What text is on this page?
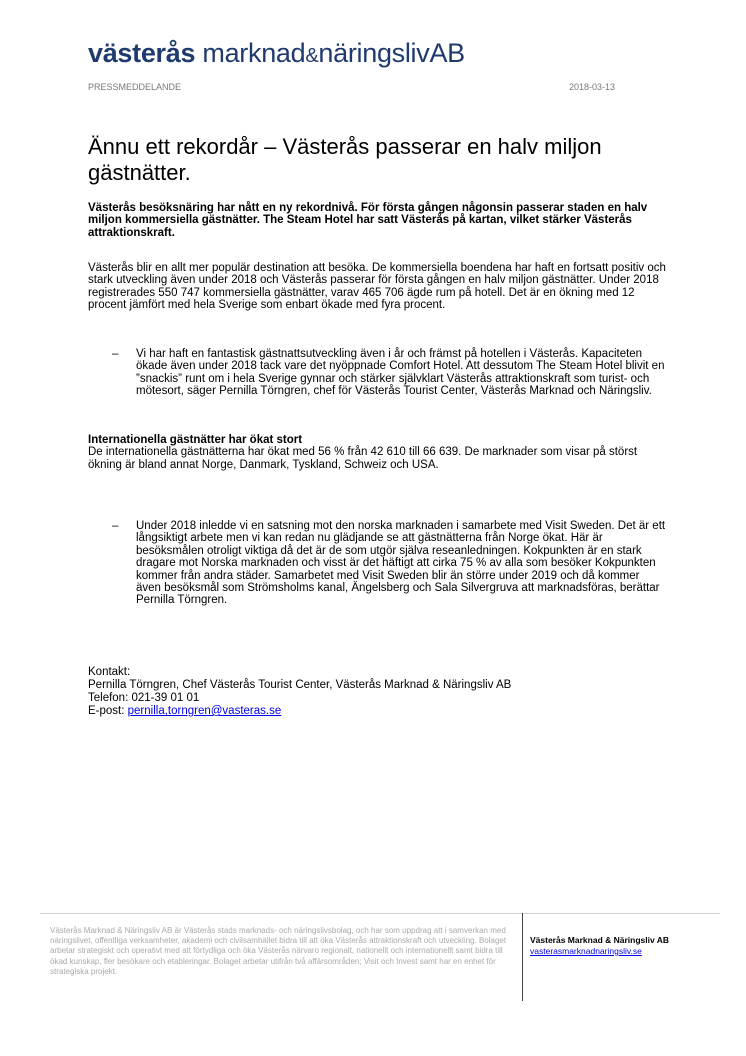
västerås marknad&näringslivAB
PRESSMEDDELANDE	2018-03-13
Ännu ett rekordår – Västerås passerar en halv miljon gästnätter.

Västerås besöksnäring har nått en ny rekordnivå. För första gången någonsin passerar staden en halv miljon kommersiella gästnätter. The Steam Hotel har satt Västerås på kartan, vilket stärker Västerås attraktionskraft.

Västerås blir en allt mer populär destination att besöka. De kommersiella boendena har haft en fortsatt positiv och stark utveckling även under 2018 och Västerås passerar för första gången en halv miljon gästnätter. Under 2018 registrerades 550 747 kommersiella gästnätter, varav 465 706 ägde rum på hotell. Det är en ökning med 12 procent jämfört med hela Sverige som enbart ökade med fyra procent.

– Vi har haft en fantastisk gästnattsutveckling även i år och främst på hotellen i Västerås. Kapaciteten ökade även under 2018 tack vare det nyöppnade Comfort Hotel. Att dessutom The Steam Hotel blivit en ”snackis” runt om i hela Sverige gynnar och stärker självklart Västerås attraktionskraft som turist- och mötesort, säger Pernilla Törngren, chef för Västerås Tourist Center, Västerås Marknad och Näringsliv.

Internationella gästnätter har ökat stort
De internationella gästnätterna har ökat med 56 % från 42 610 till 66 639. De marknader som visar på störst ökning är bland annat Norge, Danmark, Tyskland, Schweiz och USA.

– Under 2018 inledde vi en satsning mot den norska marknaden i samarbete med Visit Sweden. Det är ett långsiktigt arbete men vi kan redan nu glädjande se att gästnätterna från Norge ökat. Här är besöksmålen otroligt viktiga då det är de som utgör själva reseanledningen. Kokpunkten är en stark dragare mot Norska marknaden och visst är det häftigt att cirka 75 % av alla som besöker Kokpunkten kommer från andra städer. Samarbetet med Visit Sweden blir än större under 2019 och då kommer även besöksmål som Strömsholms kanal, Ängelsberg och Sala Silvergruva att marknadsföras, berättar Pernilla Törngren.

Kontakt:
Pernilla Törngren, Chef Västerås Tourist Center, Västerås Marknad & Näringsliv AB
Telefon: 021-39 01 01
E-post: pernilla,torngren@vasteras.se
Västerås Marknad & Näringsliv AB är Västerås stads marknads- och näringslivsbolag, och har som uppdrag att i samverkan med näringslivet, offentliga verksamheter, akademi och civilsamhället bidra till att öka Västerås attraktionskraft och utveckling. Bolaget arbetar strategiskt och operativt med att förtydliga och öka Västerås närvaro regionalt, nationellt och internationellt samt bidra till ökad kunskap, fler besökare och etableringar. Bolaget arbetar utifrån två affärsområden; Visit och Invest samt har en enhet för strategiska projekt.
Västerås Marknad & Näringsliv AB
vasterasmarknadnaringsliv.se
